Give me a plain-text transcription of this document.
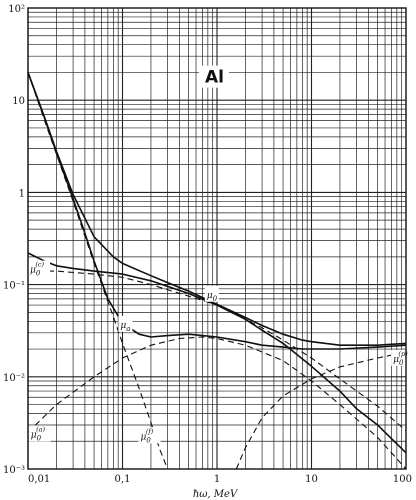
Al
$\mu_0(c)$
$\mu_0(a)$
$\mu_0(f)$
$\mu_0(p)$
$\mu_0$
$\mu_a$
0,01	0,1	1	10	100
10²
10
1
10⁻¹
10⁻²
10⁻³
ħω, MeV
